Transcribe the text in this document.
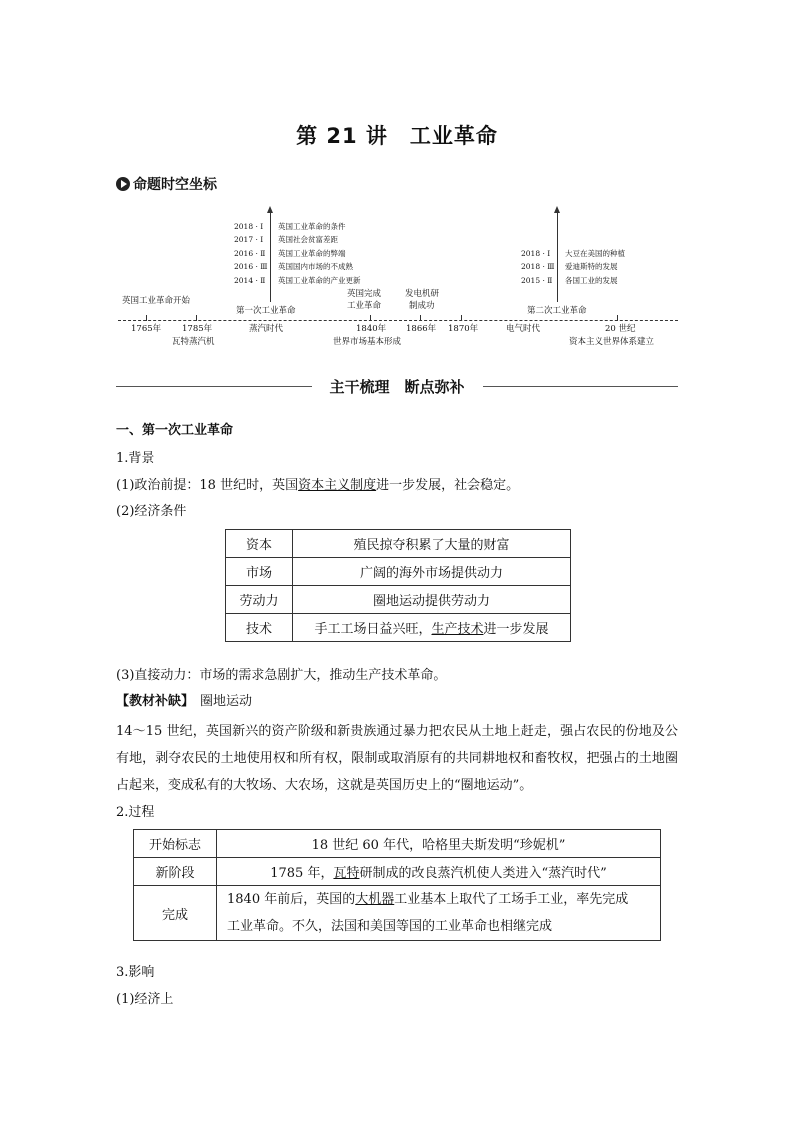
第 21 讲　工业革命
命题时空坐标
2018 · Ⅰ
2017 · Ⅰ
2016 · Ⅱ
2016 · Ⅲ
2014 · Ⅱ
英国工业革命的条件
英国社会贫富差距
英国工业革命的弊端
英国国内市场的不成熟
英国工业革命的产业更新
2018 · Ⅰ
2018 · Ⅲ
2015 · Ⅱ
大豆在美国的种植
爱迪斯特的发展
各国工业的发展
英国工业革命开始
第一次工业革命
英国完成
工业革命
发电机研
制成功	第二次工业革命
1765年 1785年	蒸汽时代	1840年 1866年 1870年	电气时代	20 世纪
瓦特蒸汽机	世界市场基本形成	资本主义世界体系建立
主干梳理　断点弥补
一、第一次工业革命
1.背景
(1)政治前提：18 世纪时，英国资本主义制度进一步发展，社会稳定。
(2)经济条件
资本	殖民掠夺积累了大量的财富
市场	广阔的海外市场提供动力
劳动力	圈地运动提供劳动力
技术	手工工场日益兴旺，生产技术进一步发展
(3)直接动力：市场的需求急剧扩大，推动生产技术革命。
【教材补缺】 圈地运动
14～15 世纪，英国新兴的资产阶级和新贵族通过暴力把农民从土地上赶走，强占农民的份地及公有地，剥夺农民的土地使用权和所有权，限制或取消原有的共同耕地权和畜牧权，把强占的土地圈占起来，变成私有的大牧场、大农场，这就是英国历史上的“圈地运动”。
2.过程
开始标志	18 世纪 60 年代，哈格里夫斯发明“珍妮机”
新阶段	1785 年，瓦特研制成的改良蒸汽机使人类进入“蒸汽时代”
完成	1840 年前后，英国的大机器工业基本上取代了工场手工业，率先完成
工业革命。不久，法国和美国等国的工业革命也相继完成
3.影响
(1)经济上
